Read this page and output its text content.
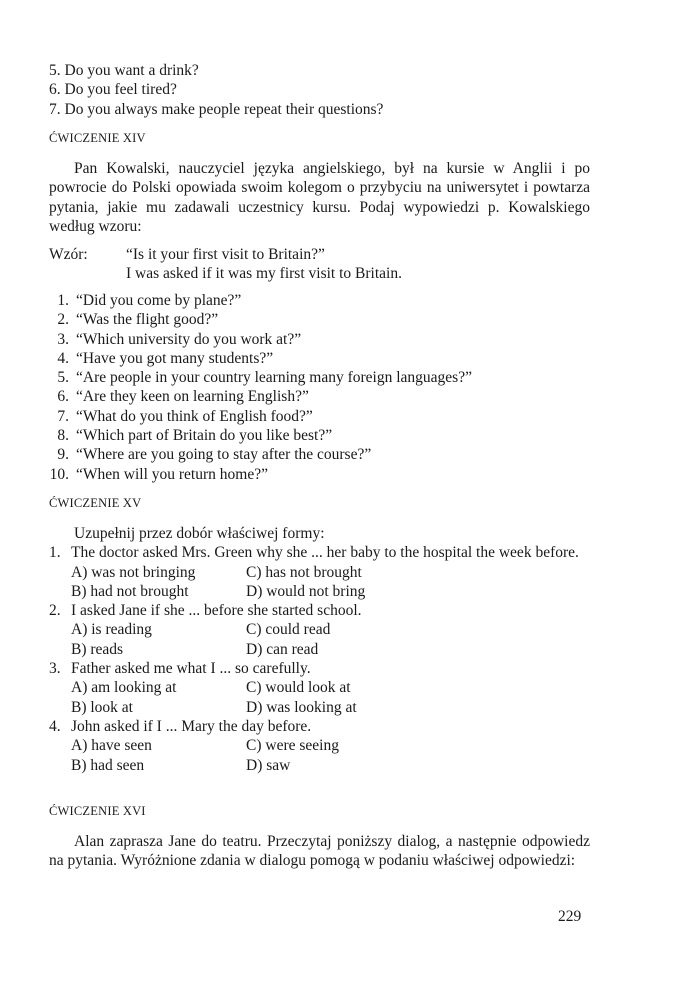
5. Do you want a drink?
6. Do you feel tired?
7. Do you always make people repeat their questions?
ĆWICZENIE XIV
Pan Kowalski, nauczyciel języka angielskiego, był na kursie w Anglii i po powrocie do Polski opowiada swoim kolegom o przybyciu na uniwersytet i powtarza pytania, jakie mu zadawali uczestnicy kursu. Podaj wypowiedzi p. Kowalskiego według wzoru:
Wzór:	“Is it your first visit to Britain?”
I was asked if it was my first visit to Britain.
1. “Did you come by plane?”
2. “Was the flight good?”
3. “Which university do you work at?”
4. “Have you got many students?”
5. “Are people in your country learning many foreign languages?”
6. “Are they keen on learning English?”
7. “What do you think of English food?”
8. “Which part of Britain do you like best?”
9. “Where are you going to stay after the course?”
10. “When will you return home?”
ĆWICZENIE XV
Uzupełnij przez dobór właściwej formy:
1. The doctor asked Mrs. Green why she ... her baby to the hospital the week before.
A) was not bringing	C) has not brought
B) had not brought	D) would not bring
2. I asked Jane if she ... before she started school.
A) is reading	C) could read
B) reads	D) can read
3. Father asked me what I ... so carefully.
A) am looking at	C) would look at
B) look at	D) was looking at
4. John asked if I ... Mary the day before.
A) have seen	C) were seeing
B) had seen	D) saw
ĆWICZENIE XVI
Alan zaprasza Jane do teatru. Przeczytaj poniższy dialog, a następnie odpowiedz na pytania. Wyróżnione zdania w dialogu pomogą w podaniu właściwej odpowiedzi:
229
